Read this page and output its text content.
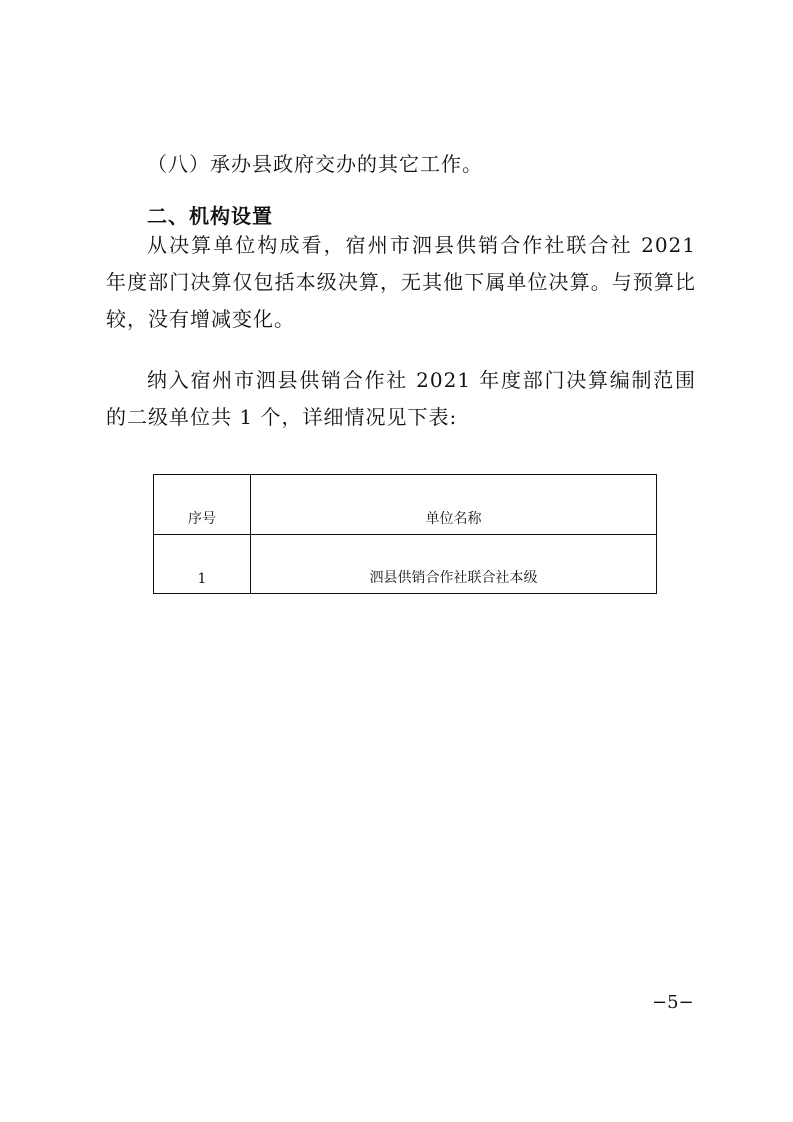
（八）承办县政府交办的其它工作。

二、机构设置

从决算单位构成看，宿州市泗县供销合作社联合社 2021 年度部门决算仅包括本级决算，无其他下属单位决算。与预算比较，没有增减变化。

纳入宿州市泗县供销合作社 2021 年度部门决算编制范围的二级单位共 1 个，详细情况见下表:

序号	单位名称
1	泗县供销合作社联合社本级
−5−
